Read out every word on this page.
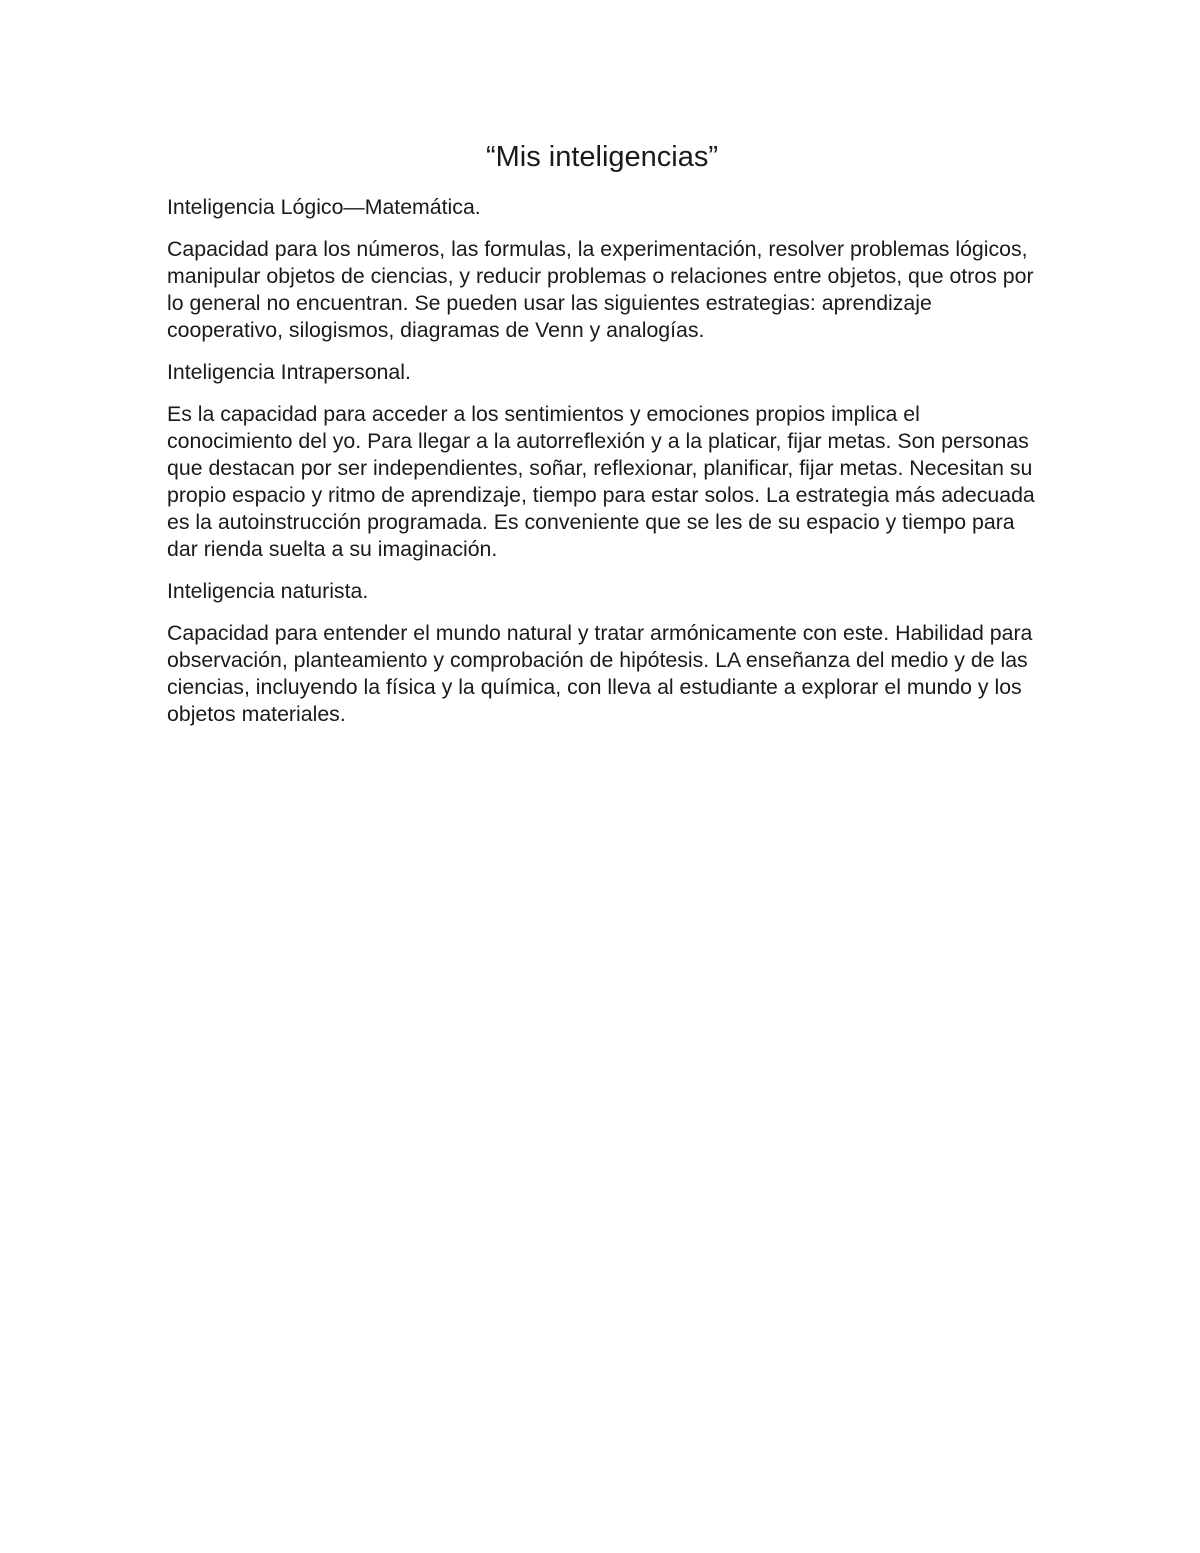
“Mis inteligencias”

Inteligencia Lógico—Matemática.

Capacidad para los números, las formulas, la experimentación, resolver problemas lógicos, manipular objetos de ciencias, y reducir problemas o relaciones entre objetos, que otros por lo general no encuentran. Se pueden usar las siguientes estrategias: aprendizaje cooperativo, silogismos, diagramas de Venn y analogías.

Inteligencia Intrapersonal.

Es la capacidad para acceder a los sentimientos y emociones propios implica el conocimiento del yo. Para llegar a la autorreflexión y a la platicar, fijar metas. Son personas que destacan por ser independientes, soñar, reflexionar, planificar, fijar metas. Necesitan su propio espacio y ritmo de aprendizaje, tiempo para estar solos. La estrategia más adecuada es la autoinstrucción programada. Es conveniente que se les de su espacio y tiempo para dar rienda suelta a su imaginación.

Inteligencia naturista.

Capacidad para entender el mundo natural y tratar armónicamente con este. Habilidad para observación, planteamiento y comprobación de hipótesis. LA enseñanza del medio y de las ciencias, incluyendo la física y la química, con lleva al estudiante a explorar el mundo y los objetos materiales.
